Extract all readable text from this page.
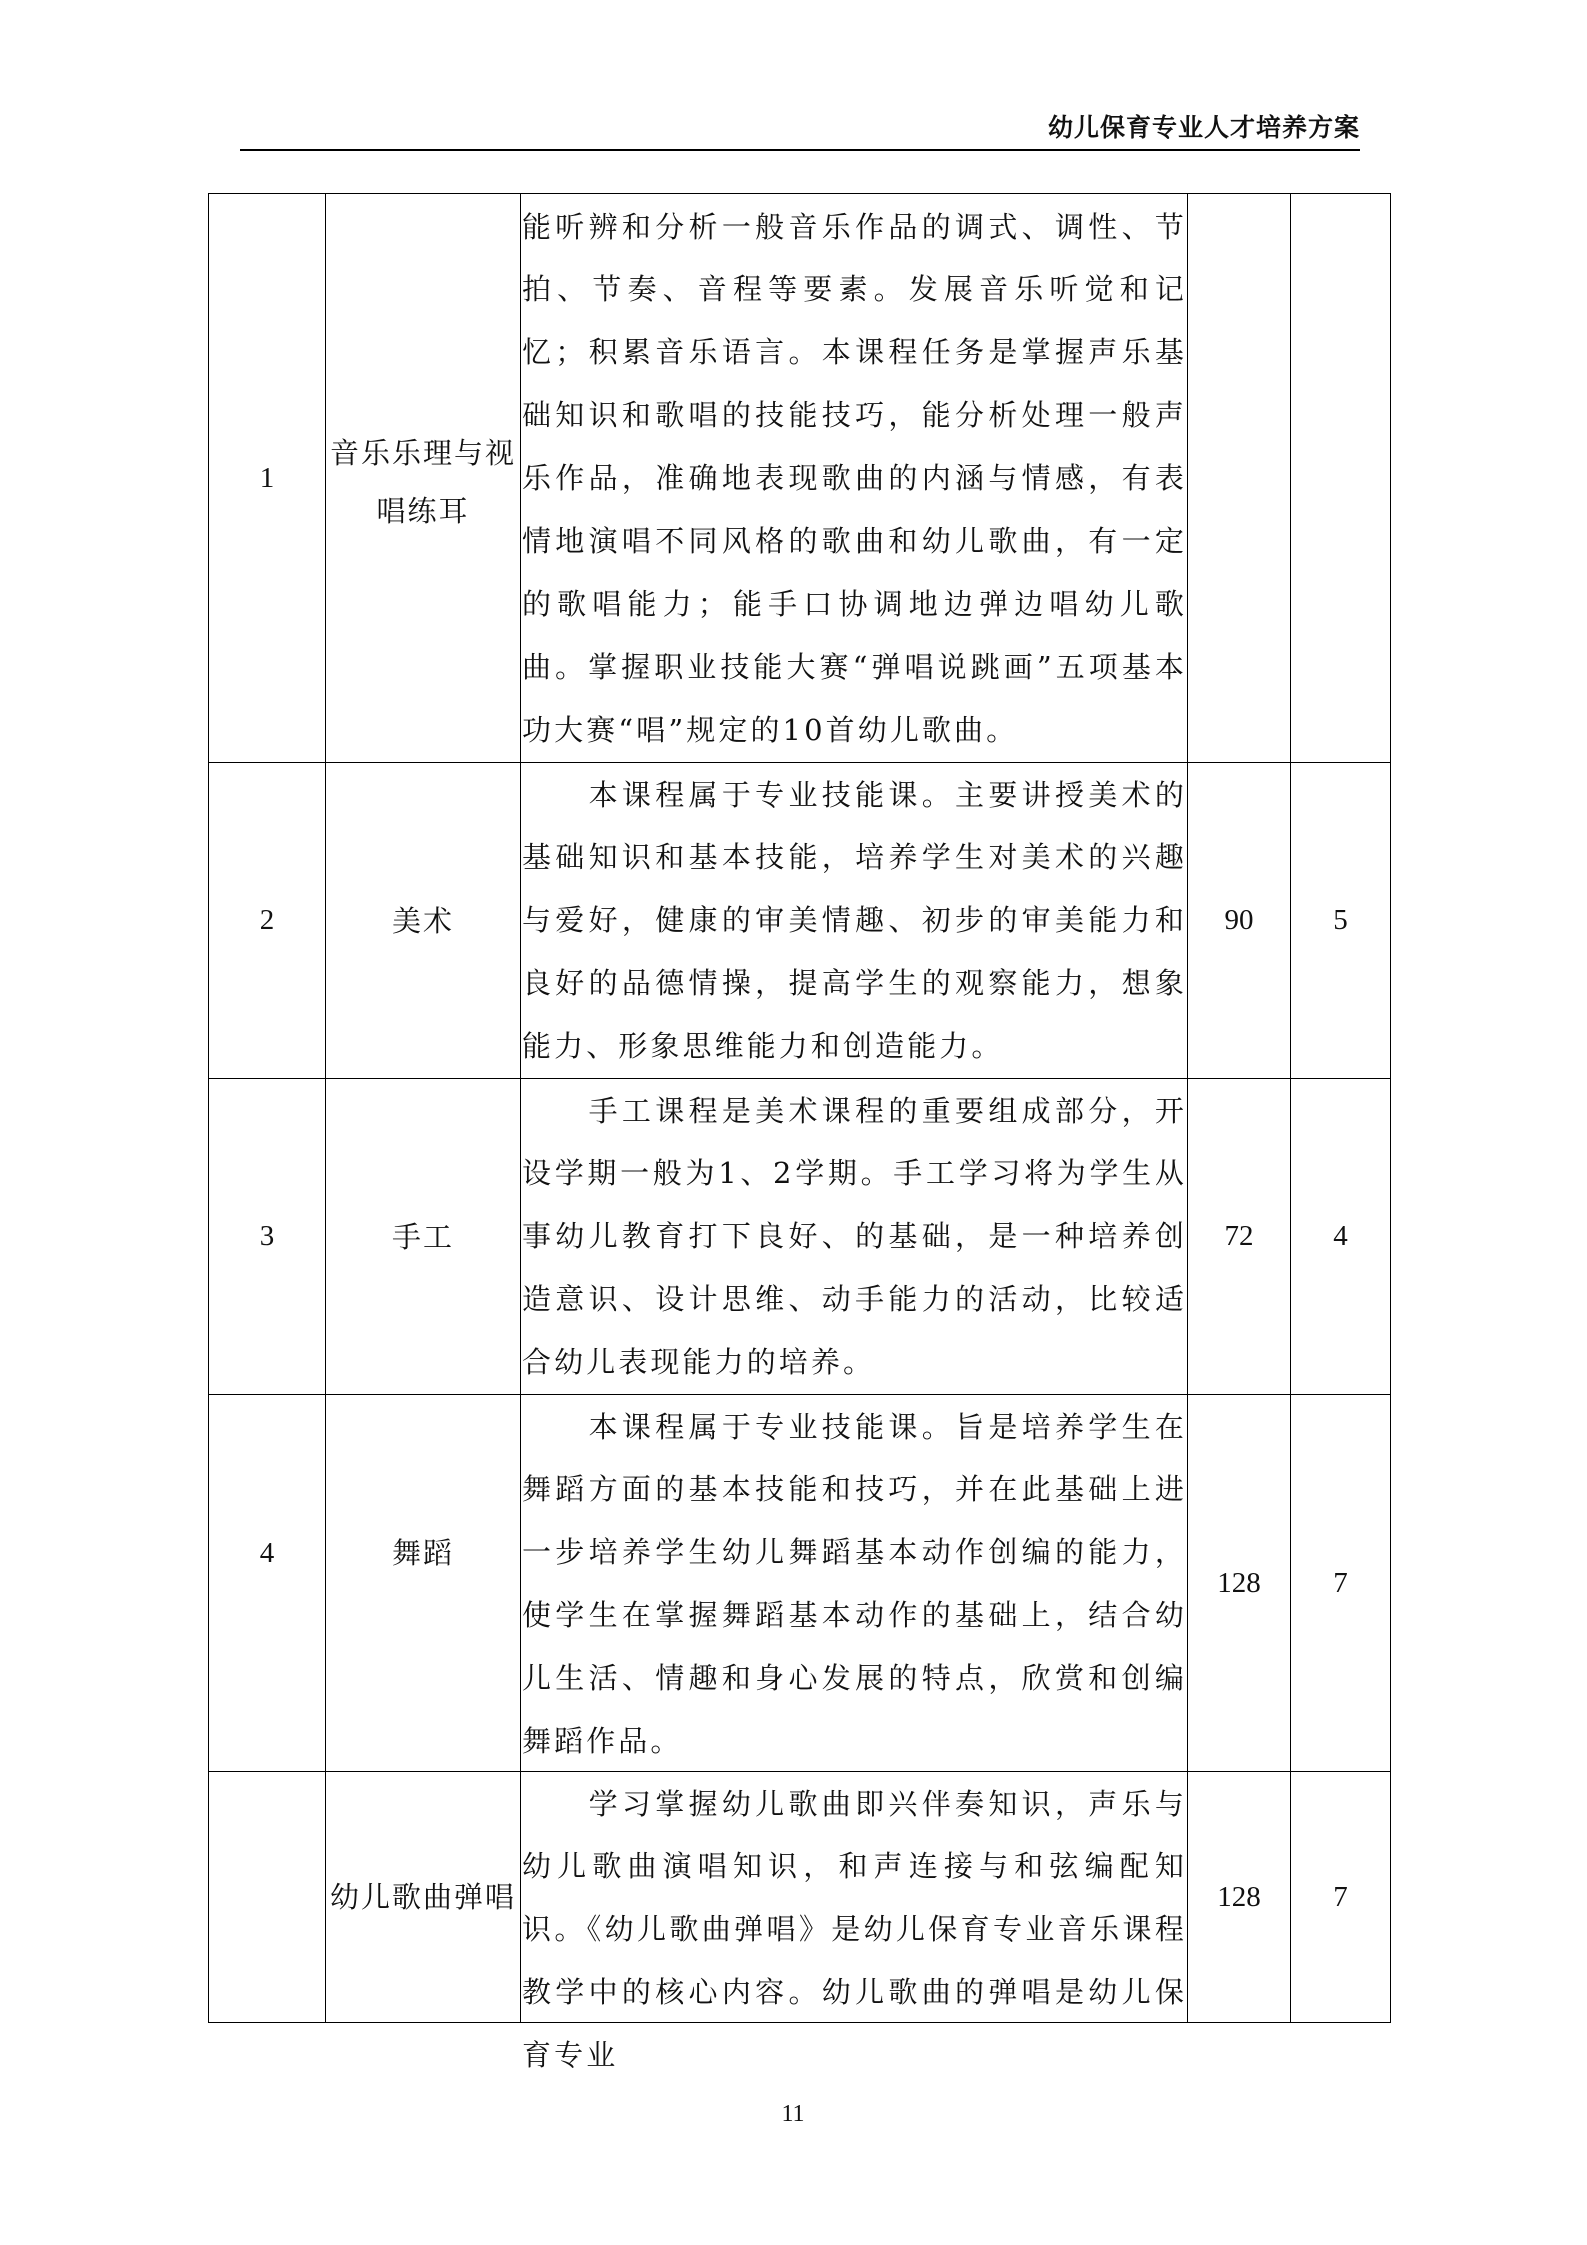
幼儿保育专业人才培养方案
1	音乐乐理与视唱练耳	能听辨和分析一般音乐作品的调式、调性、节拍、节奏、音程等要素。发展音乐听觉和记忆；积累音乐语言。本课程任务是掌握声乐基础知识和歌唱的技能技巧，能分析处理一般声乐作品，准确地表现歌曲的内涵与情感，有表情地演唱不同风格的歌曲和幼儿歌曲，有一定的歌唱能力；能手口协调地边弹边唱幼儿歌曲。掌握职业技能大赛“弹唱说跳画”五项基本功大赛“唱”规定的10首幼儿歌曲。		

2	美术	　　本课程属于专业技能课。主要讲授美术的基础知识和基本技能，培养学生对美术的兴趣与爱好，健康的审美情趣、初步的审美能力和良好的品德情操，提高学生的观察能力，想象能力、形象思维能力和创造能力。	90	5
3	手工	　　手工课程是美术课程的重要组成部分，开设学期一般为1、2学期。手工学习将为学生从事幼儿教育打下良好、的基础，是一种培养创造意识、设计思维、动手能力的活动，比较适合幼儿表现能力的培养。	72	4
4	舞蹈	　　本课程属于专业技能课。旨是培养学生在舞蹈方面的基本技能和技巧，并在此基础上进一步培养学生幼儿舞蹈基本动作创编的能力，使学生在掌握舞蹈基本动作的基础上，结合幼儿生活、情趣和身心发展的特点，欣赏和创编舞蹈作品。	128	7
	幼儿歌曲弹唱	　　学习掌握幼儿歌曲即兴伴奏知识，声乐与幼儿歌曲演唱知识，和声连接与和弦编配知识。《幼儿歌曲弹唱》是幼儿保育专业音乐课程教学中的核心内容。幼儿歌曲的弹唱是幼儿保育专业	128	7
11
